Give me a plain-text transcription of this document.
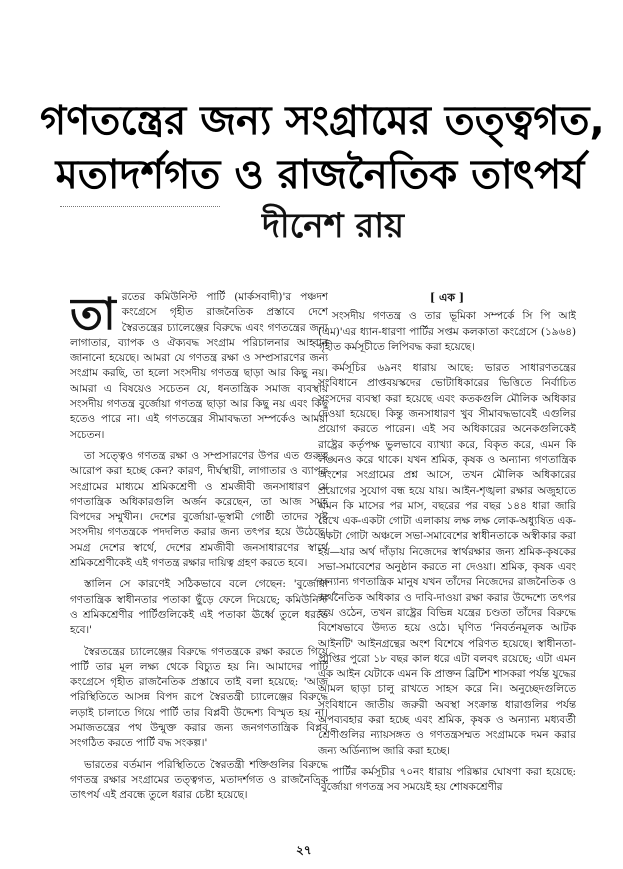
গণতন্ত্রের জন্য সংগ্রামের তত্ত্বগত,
মতাদর্শগত ও রাজনৈতিক তাৎপর্য
দীনেশ রায়

তারতের কমিউনিস্ট পার্টি (মার্কসবাদী)'র পঞ্চদশ কংগ্রেসে গৃহীত রাজনৈতিক প্রস্তাবে দেশে স্বৈরতন্ত্রের চ্যালেঞ্জের বিরুদ্ধে এবং গণতন্ত্রের জন্য লাগাতার, ব্যাপক ও ঐক্যবদ্ধ সংগ্রাম পরিচালনার আহ্বান জানানো হয়েছে। আমরা যে গণতন্ত্র রক্ষা ও সম্প্রসারণের জন্য সংগ্রাম করছি, তা হলো সংসদীয় গণতন্ত্র ছাড়া আর কিছু নয়। আমরা এ বিষয়েও সচেতন যে, ধনতান্ত্রিক সমাজ ব্যবস্থায় সংসদীয় গণতন্ত্র বুর্জোয়া গণতন্ত্র ছাড়া আর কিছু নয় এবং কিছু হতেও পারে না। এই গণতন্ত্রের সীমাবদ্ধতা সম্পর্কেও আমরা সচেতন।

তা সত্ত্বেও গণতন্ত্র রক্ষা ও সম্প্রসারণের উপর এত গুরুত্ব আরোপ করা হচ্ছে কেন? কারণ, দীর্ঘস্থায়ী, লাগাতার ও ব্যাপক সংগ্রামের মাধ্যমে শ্রমিকশ্রেণী ও শ্রমজীবী জনসাধারণ যে গণতান্ত্রিক অধিকারগুলি অর্জন করেছেন, তা আজ সমূহ বিপদের সম্মুখীন। দেশের বুর্জোয়া-ভূস্বামী গোষ্ঠী তাদের সৃষ্ট সংসদীয় গণতন্ত্রকে পদদলিত করার জন্য তৎপর হয়ে উঠেছে। সমগ্র দেশের স্বার্থে, দেশের শ্রমজীবী জনসাধারণের স্বার্থে শ্রমিকশ্রেণীকেই এই গণতন্ত্র রক্ষার দায়িত্ব গ্রহণ করতে হবে।

স্তালিন সে কারণেই সঠিকভাবে বলে গেছেন: 'বুর্জোয়া গণতান্ত্রিক স্বাধীনতার পতাকা ছুঁড়ে ফেলে দিয়েছে; কমিউনিস্ট ও শ্রমিকশ্রেণীর পার্টিগুলিকেই এই পতাকা ঊর্ধ্বে তুলে ধরতে হবে।'

স্বৈরতন্ত্রের চ্যালেঞ্জের বিরুদ্ধে গণতন্ত্রকে রক্ষা করতে গিয়ে পার্টি তার মূল লক্ষ্য থেকে বিচ্যুত হয় নি। আমাদের পার্টি কংগ্রেসে গৃহীত রাজনৈতিক প্রস্তাবে তাই বলা হয়েছে: 'আজ পরিস্থিতিতে আসন্ন বিপদ রূপে স্বৈরতন্ত্রী চ্যালেঞ্জের বিরুদ্ধে লড়াই চালাতে গিয়ে পার্টি তার বিপ্লবী উদ্দেশ্য বিস্মৃত হয় না। সমাজতন্ত্রের পথ উন্মুক্ত করার জন্য জনগণতান্ত্রিক বিপ্লব সংগঠিত করতে পার্টি বদ্ধ সংকল্প।'

ভারতের বর্তমান পরিস্থিতিতে স্বৈরতন্ত্রী শক্তিগুলির বিরুদ্ধে গণতন্ত্র রক্ষার সংগ্রামের তত্ত্বগত, মতাদর্শগত ও রাজনৈতিক তাৎপর্য এই প্রবন্ধে তুলে ধরার চেষ্টা হয়েছে।

[ এক ]

সংসদীয় গণতন্ত্র ও তার ভূমিকা সম্পর্কে সি পি আই (এম)'এর ধ্যান-ধারণা পার্টির সপ্তম কলকাতা কংগ্রেসে (১৯৬৪) গৃহীত কর্মসূচীতে লিপিবদ্ধ করা হয়েছে।

কর্মসূচির ৬৯নং ধারায় আছে: ভারত সাধারণতন্ত্রের সংবিধানে প্রাপ্তবয়স্কদের ভোটাধিকারের ভিত্তিতে নির্বাচিত সংসদের ব্যবস্থা করা হয়েছে এবং কতকগুলি মৌলিক অধিকার দেওয়া হয়েছে। কিন্তু জনসাধারণ খুব সীমাবদ্ধভাবেই এগুলির প্রয়োগ করতে পারেন। এই সব অধিকারের অনেকগুলিকেই রাষ্ট্রের কর্তৃপক্ষ ভুলভাবে ব্যাখ্যা করে, বিকৃত করে, এমন কি লঙ্ঘনও করে থাকে। যখন শ্রমিক, কৃষক ও অন্যান্য গণতান্ত্রিক অংশের সংগ্রামের প্রশ্ন আসে, তখন মৌলিক অধিকারের প্রয়োগের সুযোগ বন্ধ হয়ে যায়। আইন-শৃঙ্খলা রক্ষার অজুহাতে এমন কি মাসের পর মাস, বছরের পর বছর ১৪৪ ধারা জারি রেখে এক-একটা গোটা এলাকায় লক্ষ লক্ষ লোক-অধ্যুষিত এক-একটা গোটা অঞ্চলে সভা-সমাবেশের স্বাধীনতাকে অস্বীকার করা হয়—যার অর্থ দাঁড়ায় নিজেদের স্বার্থরক্ষার জন্য শ্রমিক-কৃষকের সভা-সমাবেশের অনুষ্ঠান করতে না দেওয়া। শ্রমিক, কৃষক এবং অন্যান্য গণতান্ত্রিক মানুষ যখন তাঁদের নিজেদের রাজনৈতিক ও অর্থনৈতিক অধিকার ও দাবি-দাওয়া রক্ষা করার উদ্দেশ্যে তৎপর হয়ে ওঠেন, তখন রাষ্ট্রের বিভিন্ন যন্ত্রের চণ্ডতা তাঁদের বিরুদ্ধে বিশেষভাবে উদ্যত হয়ে ওঠে। ঘৃণিত 'নিবর্তনমূলক আটক আইনটি' আইনগ্রন্থের অংশ বিশেষে পরিণত হয়েছে। স্বাধীনতা-প্রাপ্তির পুরো ১৮ বছর কাল ধরে এটা বলবৎ রয়েছে; এটা এমন এক আইন যেটাকে এমন কি প্রাক্তন ব্রিটিশ শাসকরা পর্যন্ত যুদ্ধের আমল ছাড়া চালু রাখতে সাহস করে নি। অনুচ্ছেদগুলিতে সংবিধানে জাতীয় জরুরী অবস্থা সংক্রান্ত ধারাগুলির পর্যন্ত অপব্যবহার করা হচ্ছে এবং শ্রমিক, কৃষক ও অন্যান্য মধ্যবর্তী শ্রেণীগুলির ন্যায়সঙ্গত ও গণতন্ত্রসম্মত সংগ্রামকে দমন করার জন্য অর্ডিন্যান্স জারি করা হচ্ছে।

পার্টির কর্মসূচীর ৭০নং ধারায় পরিষ্কার ঘোষণা করা হয়েছে: 'বুর্জোয়া গণতন্ত্র সব সময়েই হয় শোষকশ্রেণীর

২৭
